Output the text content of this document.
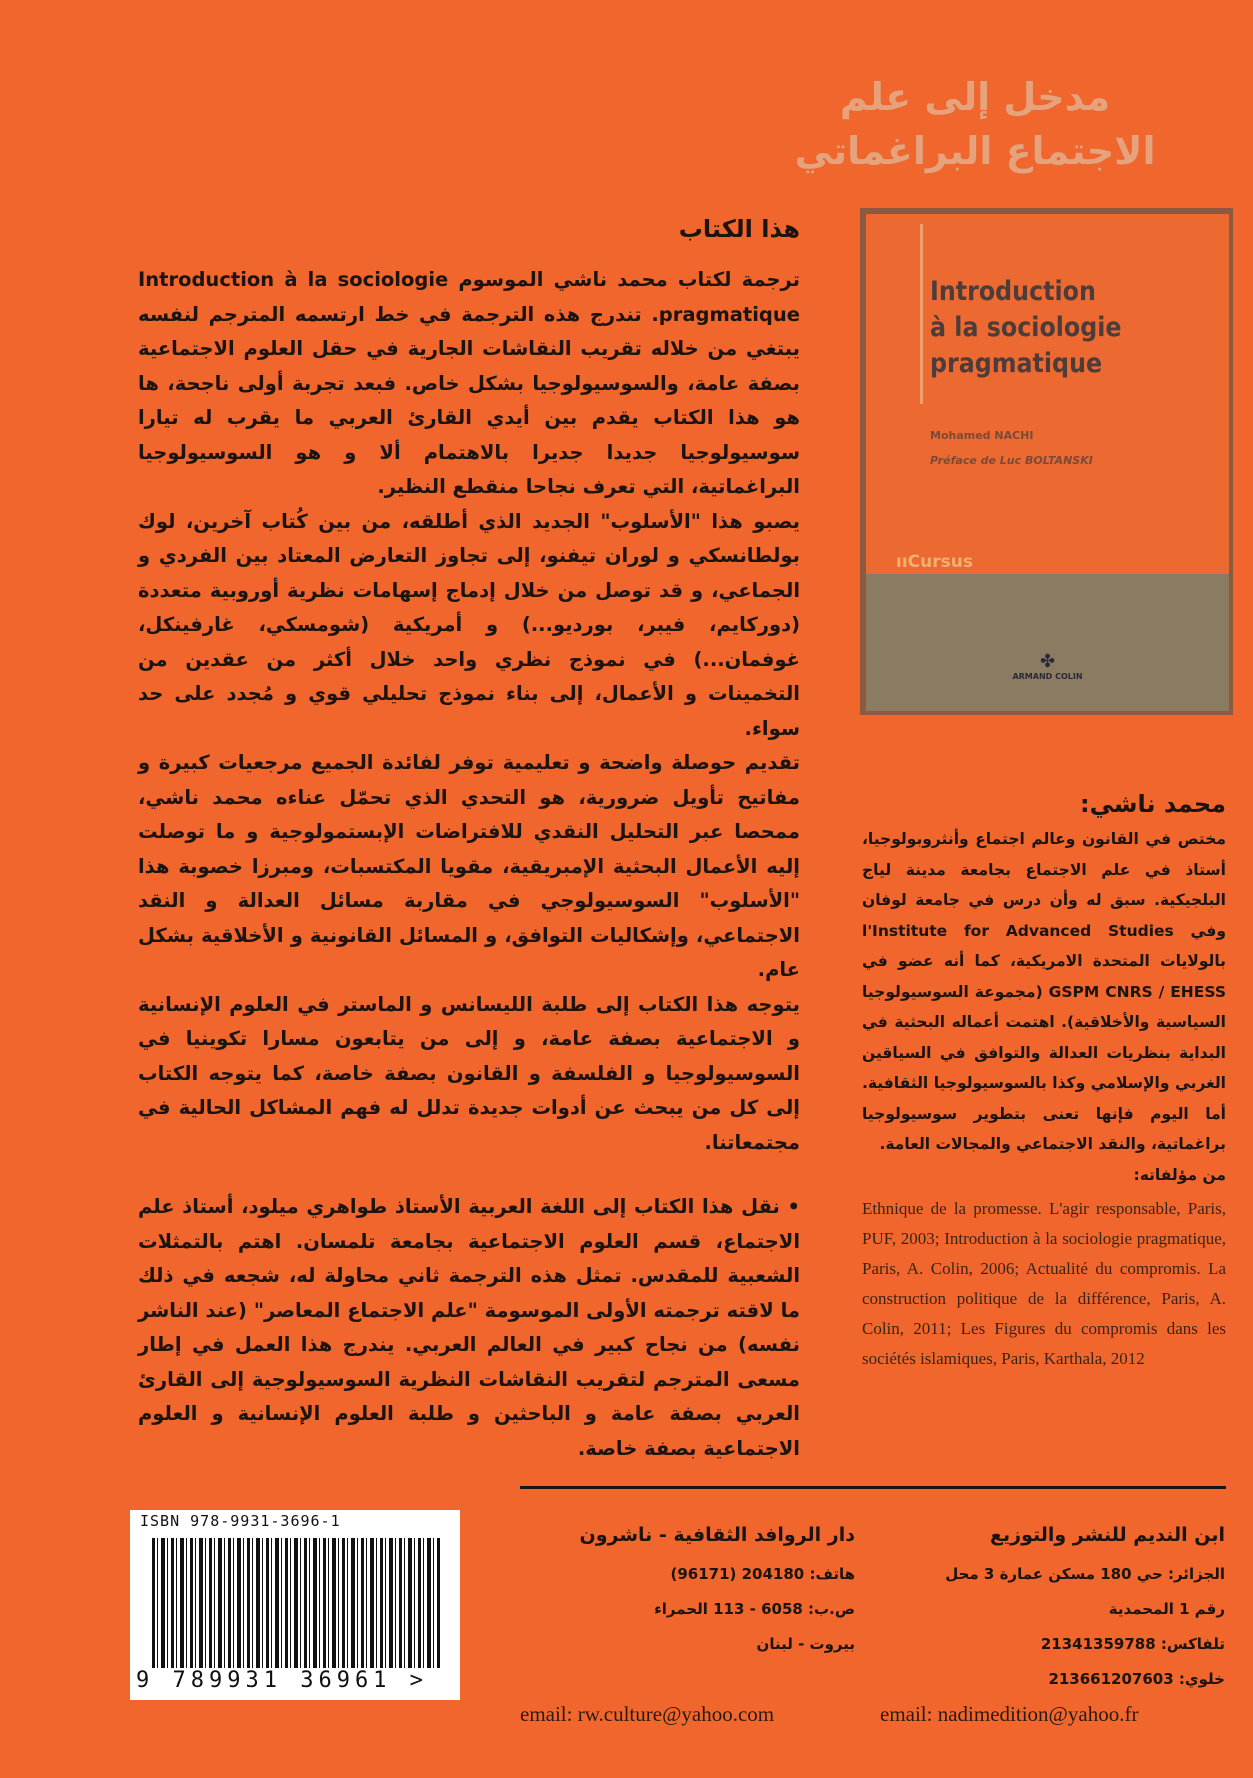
مدخل إلى علم
الاجتماع البراغماتي
Introduction
à la sociologie
pragmatique
Mohamed NACHI
Préface de Luc BOLTANSKI
ııCursus
✤
ARMAND COLIN
هذا الكتاب

ترجمة لكتاب محمد ناشي الموسوم Introduction à la sociologie pragmatique. تندرج هذه الترجمة في خط ارتسمه المترجم لنفسه يبتغي من خلاله تقريب النقاشات الجارية في حقل العلوم الاجتماعية بصفة عامة، والسوسيولوجيا بشكل خاص. فبعد تجربة أولى ناجحة، ها هو هذا الكتاب يقدم بين أيدي القارئ العربي ما يقرب له تيارا سوسيولوجيا جديدا جديرا بالاهتمام ألا و هو السوسيولوجيا البراغماتية، التي تعرف نجاحا منقطع النظير.

يصبو هذا "الأسلوب" الجديد الذي أطلقه، من بين كُتاب آخرين، لوك بولطانسكي و لوران تيفنو، إلى تجاوز التعارض المعتاد بين الفردي و الجماعي، و قد توصل من خلال إدماج إسهامات نظرية أوروبية متعددة (دوركايم، فيبر، بورديو...) و أمريكية (شومسكي، غارفينكل، غوفمان...) في نموذج نظري واحد خلال أكثر من عقدين من التخمينات و الأعمال، إلى بناء نموذج تحليلي قوي و مُجدد على حد سواء.

تقديم حوصلة واضحة و تعليمية توفر لفائدة الجميع مرجعيات كبيرة و مفاتيح تأويل ضرورية، هو التحدي الذي تحمّل عناءه محمد ناشي، ممحصا عبر التحليل النقدي للافتراضات الإبستمولوجية و ما توصلت إليه الأعمال البحثية الإمبريقية، مقويا المكتسبات، ومبرزا خصوبة هذا "الأسلوب" السوسيولوجي في مقاربة مسائل العدالة و النقد الاجتماعي، وإشكاليات التوافق، و المسائل القانونية و الأخلاقية بشكل عام.

يتوجه هذا الكتاب إلى طلبة الليسانس و الماستر في العلوم الإنسانية و الاجتماعية بصفة عامة، و إلى من يتابعون مسارا تكوينيا في السوسيولوجيا و الفلسفة و القانون بصفة خاصة، كما يتوجه الكتاب إلى كل من يبحث عن أدوات جديدة تدلل له فهم المشاكل الحالية في مجتمعاتنا.

• نقل هذا الكتاب إلى اللغة العربية الأستاذ طواهري ميلود، أستاذ علم الاجتماع، قسم العلوم الاجتماعية بجامعة تلمسان. اهتم بالتمثلات الشعبية للمقدس. تمثل هذه الترجمة ثاني محاولة له، شجعه في ذلك ما لاقته ترجمته الأولى الموسومة "علم الاجتماع المعاصر" (عند الناشر نفسه) من نجاح كبير في العالم العربي. يندرج هذا العمل في إطار مسعى المترجم لتقريب النقاشات النظرية السوسيولوجية إلى القارئ العربي بصفة عامة و الباحثين و طلبة العلوم الإنسانية و العلوم الاجتماعية بصفة خاصة.

محمد ناشي:

مختص في القانون وعالم اجتماع وأنثروبولوجيا، أستاذ في علم الاجتماع بجامعة مدينة لياج البلجيكية. سبق له وأن درس في جامعة لوفان وفي l'Institute for Advanced Studies بالولايات المتحدة الامريكية، كما أنه عضو في GSPM CNRS / EHESS (مجموعة السوسيولوجيا السياسية والأخلاقية). اهتمت أعماله البحثية في البداية بنظريات العدالة والتوافق في السياقين الغربي والإسلامي وكذا بالسوسيولوجيا الثقافية. أما اليوم فإنها تعنى بتطوير سوسيولوجيا براغماتية، والنقد الاجتماعي والمجالات العامة.

من مؤلفاته:

Ethnique de la promesse. L'agir responsable, Paris, PUF, 2003; Introduction à la sociologie pragmatique, Paris, A. Colin, 2006; Actualité du compromis. La construction politique de la différence, Paris, A. Colin, 2011; Les Figures du compromis dans les sociétés islamiques, Paris, Karthala, 2012

ISBN 978-9931-3696-1
9 789931 36961 >
دار الروافد الثقافية - ناشرون
هاتف: 204180 (96171)
ص.ب: 6058 - 113 الحمراء
بيروت - لبنان
ابن النديم للنشر والتوزيع
الجزائر: حي 180 مسكن عمارة 3 محل
رقم 1 المحمدية
تلفاكس: 21341359788
خلوي: 213661207603
email: rw.culture@yahoo.com	email: nadimedition@yahoo.fr
